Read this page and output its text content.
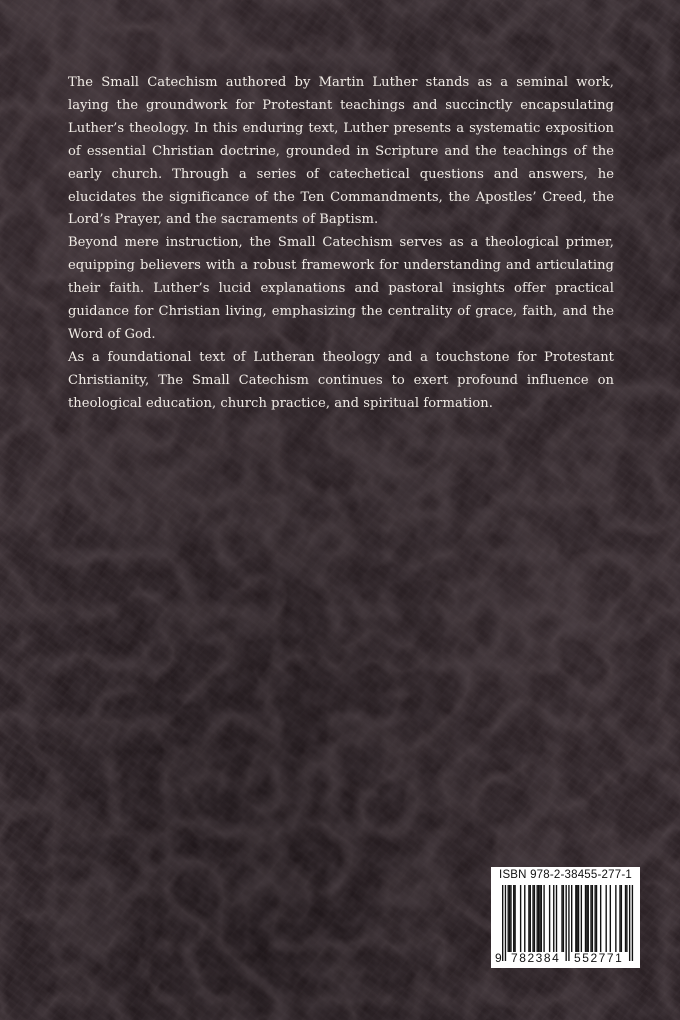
The Small Catechism authored by Martin Luther stands as a seminal work, laying the groundwork for Protestant teachings and succinctly encapsulating Luther’s theology. In this enduring text, Luther presents a systematic exposition of essential Christian doctrine, grounded in Scripture and the teachings of the early church. Through a series of catechetical questions and answers, he elucidates the significance of the Ten Commandments, the Apostles’ Creed, the Lord’s Prayer, and the sacraments of Baptism.

Beyond mere instruction, the Small Catechism serves as a theological primer, equipping believers with a robust framework for understanding and articulating their faith. Luther’s lucid explanations and pastoral insights offer practical guidance for Christian living, emphasizing the centrality of grace, faith, and the Word of God.

As a foundational text of Lutheran theology and a touchstone for Protestant Christianity, The Small Catechism continues to exert profound influence on theological education, church practice, and spiritual formation.

ISBN 978-2-38455-277-1
9 782384 552771
